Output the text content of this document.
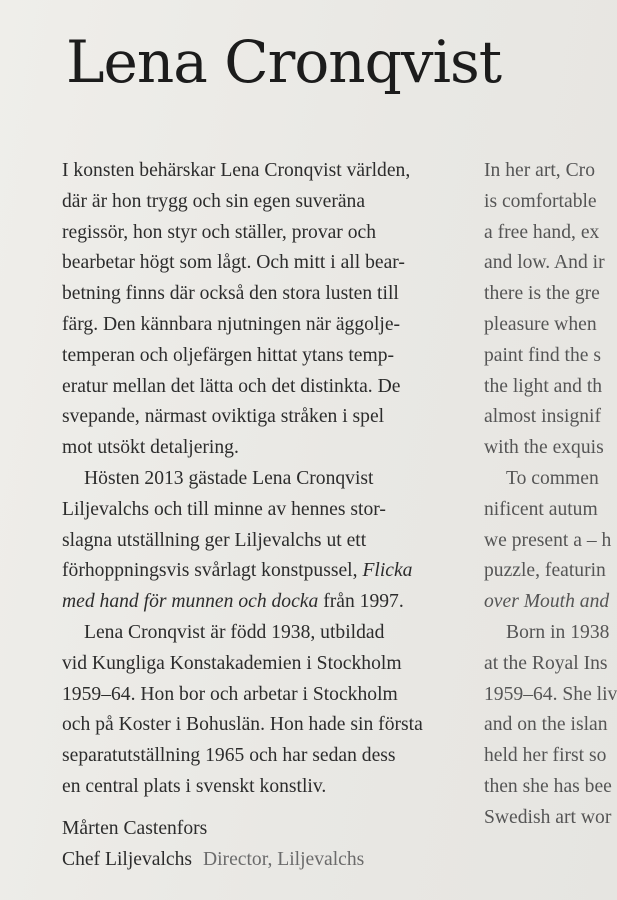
Lena Cronqvist
I konsten behärskar Lena Cronqvist världen,
där är hon trygg och sin egen suveräna
regissör, hon styr och ställer, provar och
bearbetar högt som lågt. Och mitt i all bear-
betning finns där också den stora lusten till
färg. Den kännbara njutningen när äggolje-
temperan och oljefärgen hittat ytans temp-
eratur mellan det lätta och det distinkta. De
svepande, närmast oviktiga stråken i spel
mot utsökt detaljering.
Hösten 2013 gästade Lena Cronqvist
Liljevalchs och till minne av hennes stor-
slagna utställning ger Liljevalchs ut ett
förhoppningsvis svårlagt konstpussel, Flicka
med hand för munnen och docka från 1997.
Lena Cronqvist är född 1938, utbildad
vid Kungliga Konstakademien i Stockholm
1959–64. Hon bor och arbetar i Stockholm
och på Koster i Bohuslän. Hon hade sin första
separatutställning 1965 och har sedan dess
en central plats i svenskt konstliv.
In her art, Cro
is comfortable
a free hand, ex
and low. And ir
there is the gre
pleasure when
paint find the s
the light and th
almost insignif
with the exquis
To commen
nificent autum
we present a – h
puzzle, featurin
over Mouth and
Born in 1938
at the Royal Ins
1959–64. She liv
and on the islan
held her first so
then she has bee
Swedish art wor
Mårten Castenfors
Chef Liljevalchs Director, Liljevalchs
